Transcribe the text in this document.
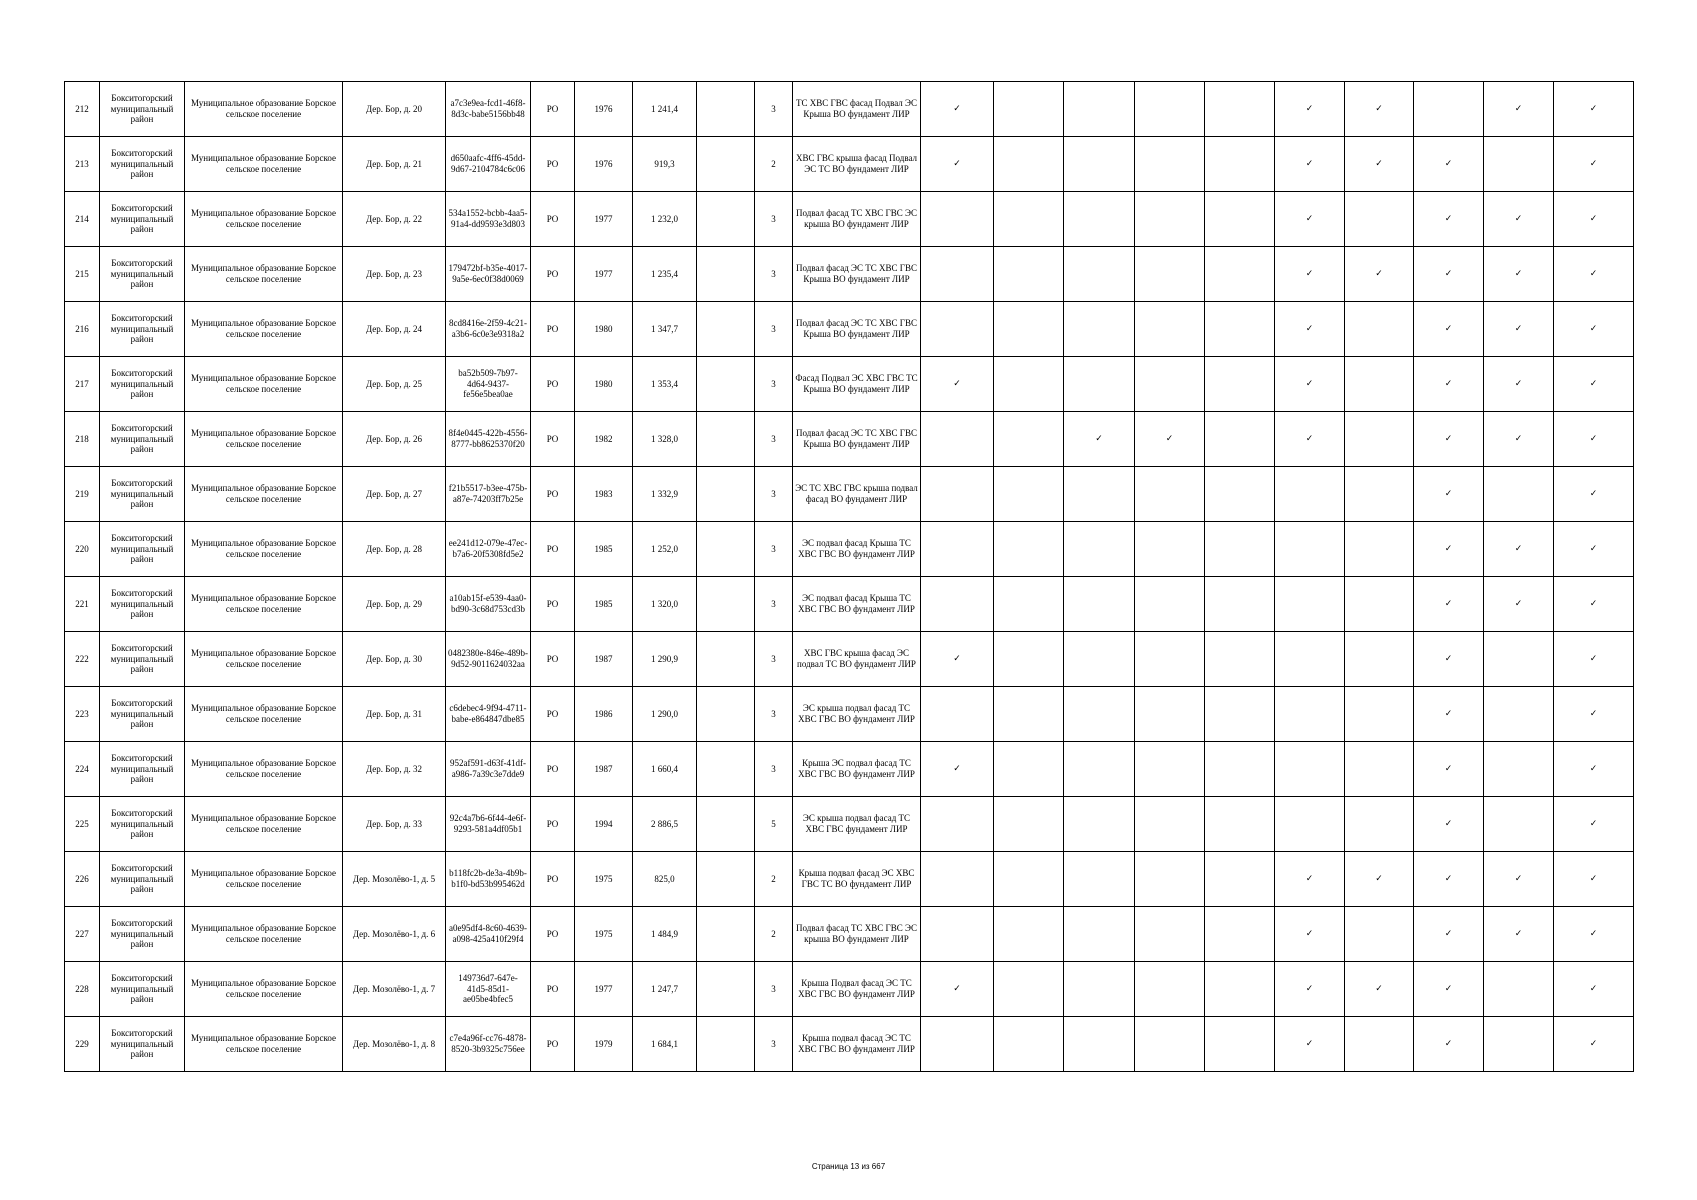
212	Бокситогорский муниципальный район	Муниципальное образование Борское сельское поселение	Дер. Бор, д. 20	a7c3e9ea-fcd1-46f8-8d3c-babe5156bb48	РО	1976	1 241,4		3	ТС ХВС ГВС фасад Подвал ЭС Крыша ВО фундамент ЛИР	✓					✓	✓		✓	✓
213	Бокситогорский муниципальный район	Муниципальное образование Борское сельское поселение	Дер. Бор, д. 21	d650aafc-4ff6-45dd-9d67-2104784c6c06	РО	1976	919,3		2	ХВС ГВС крыша фасад Подвал ЭС ТС ВО фундамент ЛИР	✓					✓	✓	✓		✓
214	Бокситогорский муниципальный район	Муниципальное образование Борское сельское поселение	Дер. Бор, д. 22	534a1552-bcbb-4aa5-91a4-dd9593e3d803	РО	1977	1 232,0		3	Подвал фасад ТС ХВС ГВС ЭС крыша ВО фундамент ЛИР						✓		✓	✓	✓
215	Бокситогорский муниципальный район	Муниципальное образование Борское сельское поселение	Дер. Бор, д. 23	179472bf-b35e-4017-9a5e-6ec0f38d0069	РО	1977	1 235,4		3	Подвал фасад ЭС ТС ХВС ГВС Крыша ВО фундамент ЛИР						✓	✓	✓	✓	✓
216	Бокситогорский муниципальный район	Муниципальное образование Борское сельское поселение	Дер. Бор, д. 24	8cd8416e-2f59-4c21-a3b6-6c0e3e9318a2	РО	1980	1 347,7		3	Подвал фасад ЭС ТС ХВС ГВС Крыша ВО фундамент ЛИР						✓		✓	✓	✓
217	Бокситогорский муниципальный район	Муниципальное образование Борское сельское поселение	Дер. Бор, д. 25	ba52b509-7b97-4d64-9437-fe56e5bea0ae	РО	1980	1 353,4		3	Фасад Подвал ЭС ХВС ГВС ТС Крыша ВО фундамент ЛИР	✓					✓		✓	✓	✓
218	Бокситогорский муниципальный район	Муниципальное образование Борское сельское поселение	Дер. Бор, д. 26	8f4e0445-422b-4556-8777-bb8625370f20	РО	1982	1 328,0		3	Подвал фасад ЭС ТС ХВС ГВС Крыша ВО фундамент ЛИР			✓	✓		✓		✓	✓	✓
219	Бокситогорский муниципальный район	Муниципальное образование Борское сельское поселение	Дер. Бор, д. 27	f21b5517-b3ee-475b-a87e-74203ff7b25e	РО	1983	1 332,9		3	ЭС ТС ХВС ГВС крыша подвал фасад ВО фундамент ЛИР								✓		✓
220	Бокситогорский муниципальный район	Муниципальное образование Борское сельское поселение	Дер. Бор, д. 28	ee241d12-079e-47ec-b7a6-20f5308fd5e2	РО	1985	1 252,0		3	ЭС подвал фасад Крыша ТС ХВС ГВС ВО фундамент ЛИР								✓	✓	✓
221	Бокситогорский муниципальный район	Муниципальное образование Борское сельское поселение	Дер. Бор, д. 29	a10ab15f-e539-4aa0-bd90-3c68d753cd3b	РО	1985	1 320,0		3	ЭС подвал фасад Крыша ТС ХВС ГВС ВО фундамент ЛИР								✓	✓	✓
222	Бокситогорский муниципальный район	Муниципальное образование Борское сельское поселение	Дер. Бор, д. 30	0482380e-846e-489b-9d52-9011624032aa	РО	1987	1 290,9		3	ХВС ГВС крыша фасад ЭС подвал ТС ВО фундамент ЛИР	✓							✓		✓
223	Бокситогорский муниципальный район	Муниципальное образование Борское сельское поселение	Дер. Бор, д. 31	c6debec4-9f94-4711-babe-e864847dbe85	РО	1986	1 290,0		3	ЭС крыша подвал фасад ТС ХВС ГВС ВО фундамент ЛИР								✓		✓
224	Бокситогорский муниципальный район	Муниципальное образование Борское сельское поселение	Дер. Бор, д. 32	952af591-d63f-41df-a986-7a39c3e7dde9	РО	1987	1 660,4		3	Крыша ЭС подвал фасад ТС ХВС ГВС ВО фундамент ЛИР	✓							✓		✓
225	Бокситогорский муниципальный район	Муниципальное образование Борское сельское поселение	Дер. Бор, д. 33	92c4a7b6-6f44-4e6f-9293-581a4df05b1	РО	1994	2 886,5		5	ЭС крыша подвал фасад ТС ХВС ГВС фундамент ЛИР								✓		✓
226	Бокситогорский муниципальный район	Муниципальное образование Борское сельское поселение	Дер. Мозолёво-1, д. 5	b118fc2b-de3a-4b9b-b1f0-bd53b995462d	РО	1975	825,0		2	Крыша подвал фасад ЭС ХВС ГВС ТС ВО фундамент ЛИР						✓	✓	✓	✓	✓
227	Бокситогорский муниципальный район	Муниципальное образование Борское сельское поселение	Дер. Мозолёво-1, д. 6	a0e95df4-8c60-4639-a098-425a410f29f4	РО	1975	1 484,9		2	Подвал фасад ТС ХВС ГВС ЭС крыша ВО фундамент ЛИР						✓		✓	✓	✓
228	Бокситогорский муниципальный район	Муниципальное образование Борское сельское поселение	Дер. Мозолёво-1, д. 7	149736d7-647e-41d5-85d1-ae05be4bfec5	РО	1977	1 247,7		3	Крыша Подвал фасад ЭС ТС ХВС ГВС ВО фундамент ЛИР	✓					✓	✓	✓		✓
229	Бокситогорский муниципальный район	Муниципальное образование Борское сельское поселение	Дер. Мозолёво-1, д. 8	c7e4a96f-cc76-4878-8520-3b9325c756ee	РО	1979	1 684,1		3	Крыша подвал фасад ЭС ТС ХВС ГВС ВО фундамент ЛИР						✓		✓		✓
Страница 13 из 667
